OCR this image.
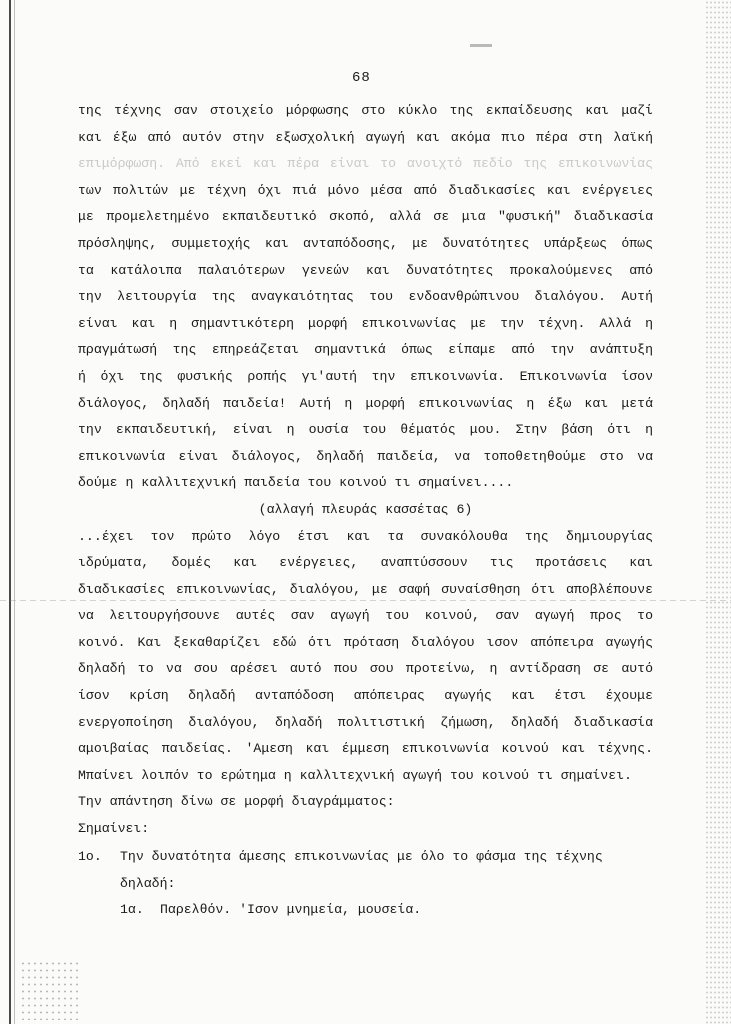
68
της τέχνης σαν στοιχείο μόρφωσης στο κύκλο της εκπαίδευσης και μαζί
και έξω από αυτόν στην εξωσχολική αγωγή και ακόμα πιο πέρα στη λαϊκή
επιμόρφωση. Από εκεί και πέρα είναι το ανοιχτό πεδίο της επικοινωνίας
των πολιτών με τέχνη όχι πιά μόνο μέσα από διαδικασίες και ενέργειες
με προμελετημένο εκπαιδευτικό σκοπό, αλλά σε μια "φυσική" διαδικασία
πρόσληψης, συμμετοχής και ανταπόδοσης, με δυνατότητες υπάρξεως όπως
τα κατάλοιπα παλαιότερων γενεών και δυνατότητες προκαλούμενες από
την λειτουργία της αναγκαιότητας του ενδοανθρώπινου διαλόγου. Αυτή
είναι και η σημαντικότερη μορφή επικοινωνίας με την τέχνη. Αλλά η
πραγμάτωσή της επηρεάζεται σημαντικά όπως είπαμε από την ανάπτυξη
ή όχι της φυσικής ροπής γι'αυτή την επικοινωνία. Επικοινωνία ίσον
διάλογος, δηλαδή παιδεία! Αυτή η μορφή επικοινωνίας η έξω και μετά
την εκπαιδευτική, είναι η ουσία του θέματός μου. Στην βάση ότι η
επικοινωνία είναι διάλογος, δηλαδή παιδεία, να τοποθετηθούμε στο να
δούμε η καλλιτεχνική παιδεία του κοινού τι σημαίνει....
(αλλαγή πλευράς κασσέτας 6)
...έχει τον πρώτο λόγο έτσι και τα συνακόλουθα της δημιουργίας
ιδρύματα, δομές και ενέργειες, αναπτύσσουν τις προτάσεις και
διαδικασίες επικοινωνίας, διαλόγου, με σαφή συναίσθηση ότι αποβλέπουνε
να λειτουργήσουνε αυτές σαν αγωγή του κοινού, σαν αγωγή προς το
κοινό. Και ξεκαθαρίζει εδώ ότι πρόταση διαλόγου ισον απόπειρα αγωγής
δηλαδή το να σου αρέσει αυτό που σου προτείνω, η αντίδραση σε αυτό
ίσον κρίση δηλαδή ανταπόδοση απόπειρας αγωγής και έτσι έχουμε
ενεργοποίηση διαλόγου, δηλαδή πολιτιστική ζήμωση, δηλαδή διαδικασία
αμοιβαίας παιδείας. 'Αμεση και έμμεση επικοινωνία κοινού και τέχνης.
Μπαίνει λοιπόν το ερώτημα η καλλιτεχνική αγωγή του κοινού τι σημαίνει.
Την απάντηση δίνω σε μορφή διαγράμματος:
Σημαίνει:
1ο. Την δυνατότητα άμεσης επικοινωνίας με όλο το φάσμα της τέχνης
δηλαδή:
1α. Παρελθόν. 'Ισον μνημεία, μουσεία.
